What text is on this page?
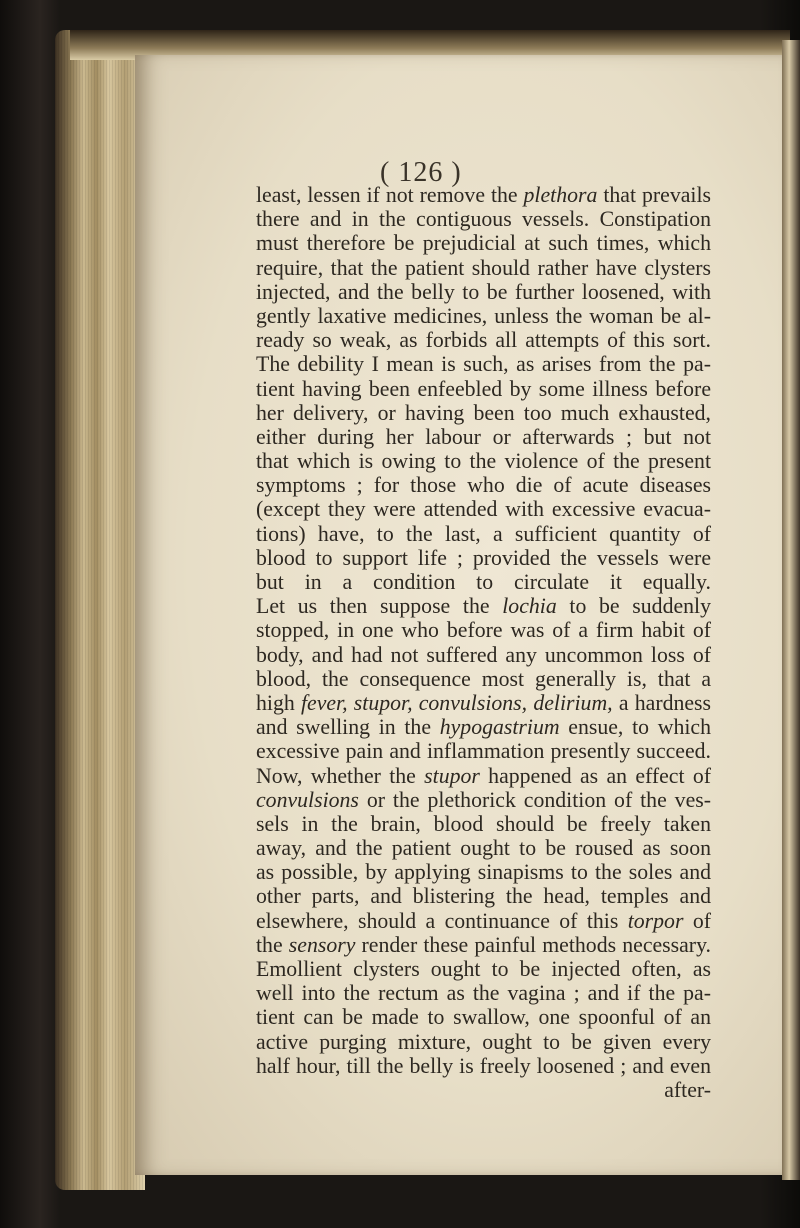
( 126 )
least, lessen if not remove the plethora that prevails
there and in the contiguous vessels. Constipation
must therefore be prejudicial at such times, which
require, that the patient should rather have clysters
injected, and the belly to be further loosened, with
gently laxative medicines, unless the woman be al-
ready so weak, as forbids all attempts of this sort.
The debility I mean is such, as arises from the pa-
tient having been enfeebled by some illness before
her delivery, or having been too much exhausted,
either during her labour or afterwards ; but not
that which is owing to the violence of the present
symptoms ; for those who die of acute diseases
(except they were attended with excessive evacua-
tions) have, to the last, a sufficient quantity of
blood to support life ; provided the vessels were
but in a condition to circulate it equally.
Let us then suppose the lochia to be suddenly
stopped, in one who before was of a firm habit of
body, and had not suffered any uncommon loss of
blood, the consequence most generally is, that a
high fever, stupor, convulsions, delirium, a hardness
and swelling in the hypogastrium ensue, to which
excessive pain and inflammation presently succeed.
Now, whether the stupor happened as an effect of
convulsions or the plethorick condition of the ves-
sels in the brain, blood should be freely taken
away, and the patient ought to be roused as soon
as possible, by applying sinapisms to the soles and
other parts, and blistering the head, temples and
elsewhere, should a continuance of this torpor of
the sensory render these painful methods necessary.
Emollient clysters ought to be injected often, as
well into the rectum as the vagina ; and if the pa-
tient can be made to swallow, one spoonful of an
active purging mixture, ought to be given every
half hour, till the belly is freely loosened ; and even
after-
